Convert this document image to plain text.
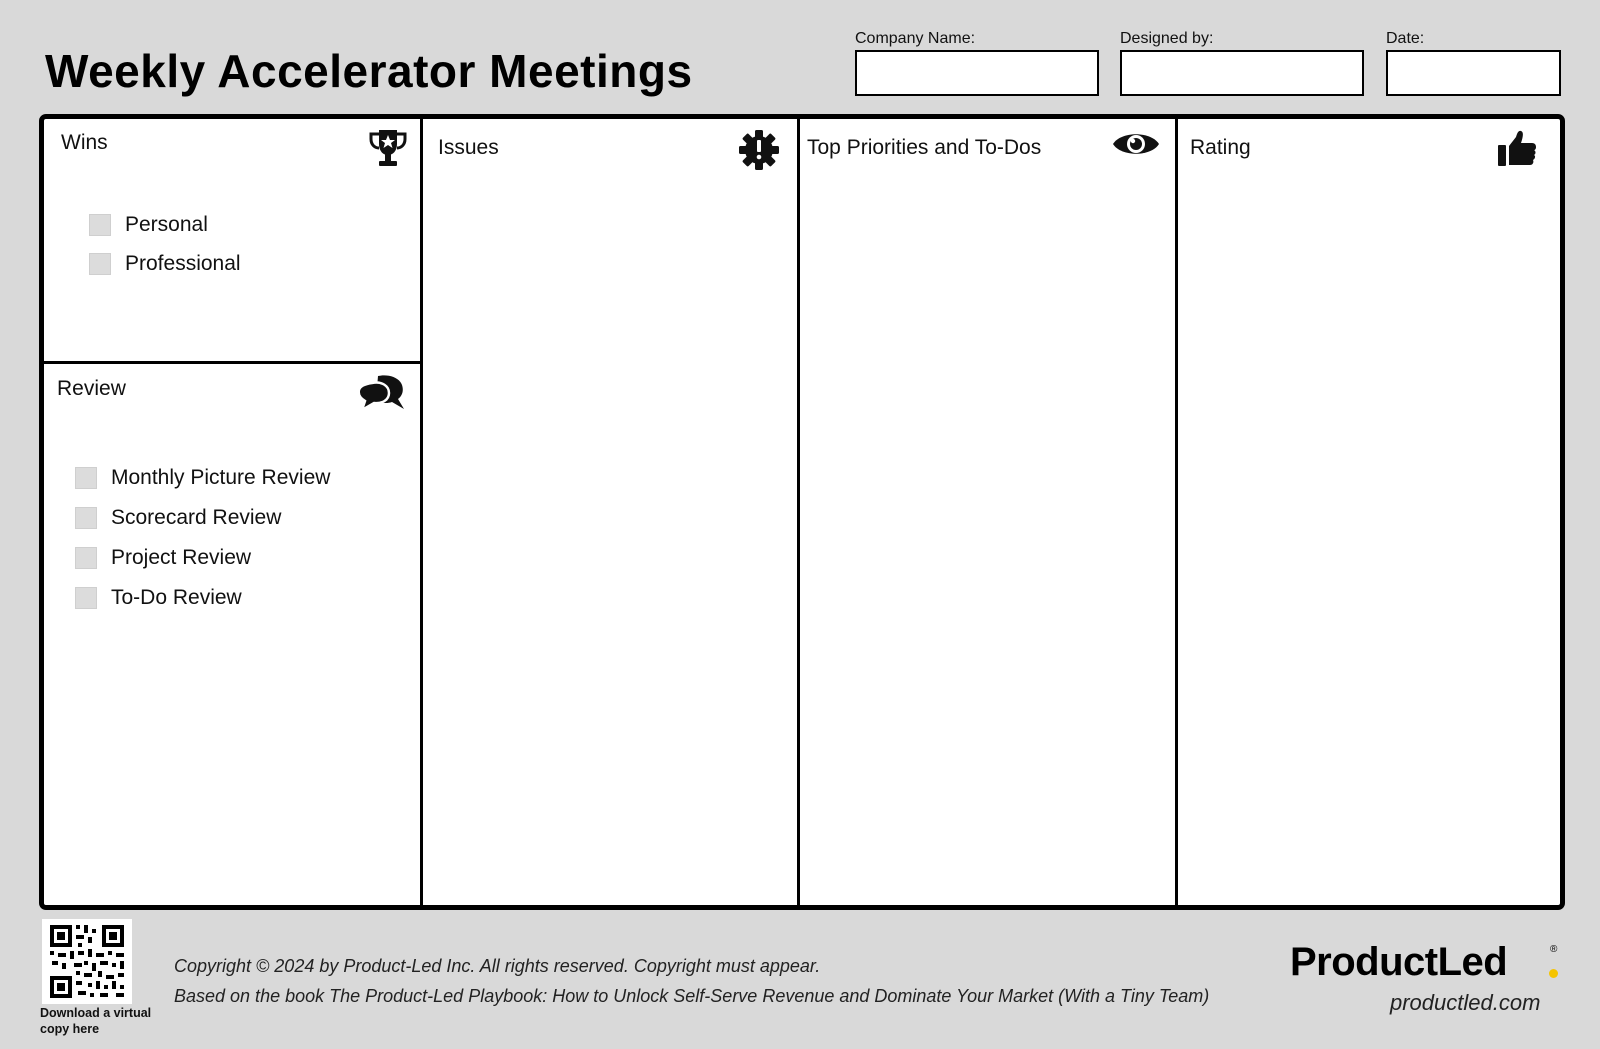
Weekly Accelerator Meetings
Company Name:	Designed by:	Date:
Wins
Personal
Professional
Review
Monthly Picture Review
Scorecard Review
Project Review
To-Do Review
Issues	Top Priorities and To-Dos	Rating
Download a virtual copy here
Copyright © 2024 by Product-Led Inc. All rights reserved. Copyright must appear.
Based on the book The Product-Led Playbook: How to Unlock Self-Serve Revenue and Dominate Your Market (With a Tiny Team)
ProductLed	®
productled.com
